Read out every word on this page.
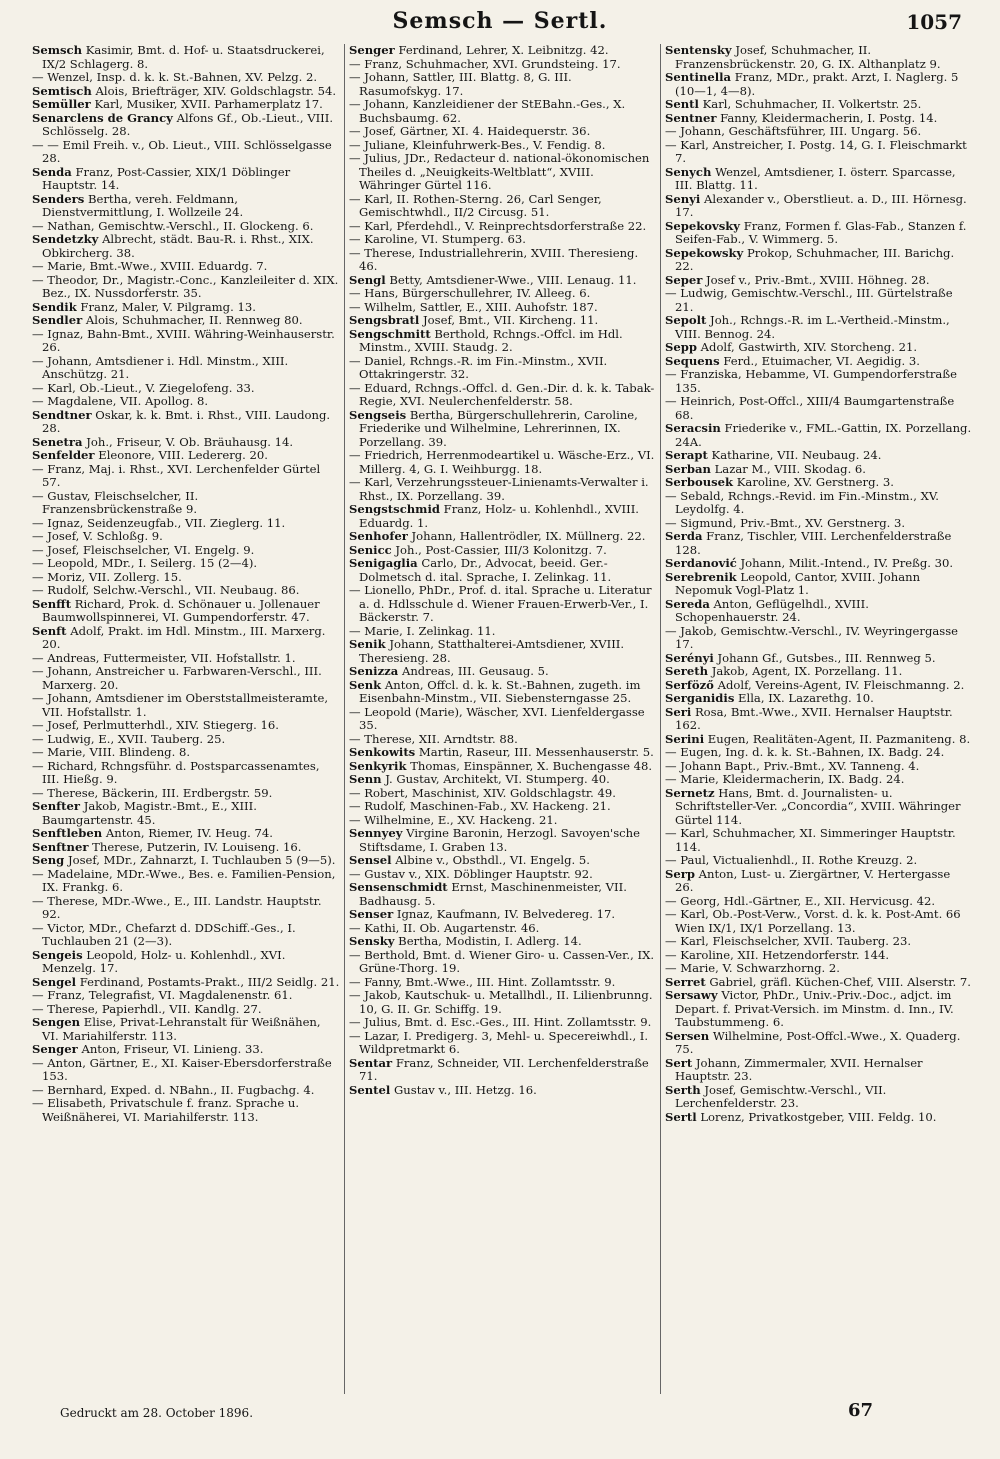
Semsch — Sertl.	1057

Semsch Kasimir, Bmt. d. Hof- u. Staatsdruckerei, IX/2 Schlagerg. 8.

— Wenzel, Insp. d. k. k. St.-Bahnen, XV. Pelzg. 2.

Semtisch Alois, Briefträger, XIV. Goldschlagstr. 54.

Semüller Karl, Musiker, XVII. Parhamerplatz 17.

Senarclens de Grancy Alfons Gf., Ob.-Lieut., VIII. Schlösselg. 28.

— — Emil Freih. v., Ob. Lieut., VIII. Schlösselgasse 28.

Senda Franz, Post-Cassier, XIX/1 Döblinger Hauptstr. 14.

Senders Bertha, vereh. Feldmann, Dienstvermittlung, I. Wollzeile 24.

— Nathan, Gemischtw.-Verschl., II. Glockeng. 6.

Sendetzky Albrecht, städt. Bau-R. i. Rhst., XIX. Obkircherg. 38.

— Marie, Bmt.-Wwe., XVIII. Eduardg. 7.

— Theodor, Dr., Magistr.-Conc., Kanzleileiter d. XIX. Bez., IX. Nussdorferstr. 35.

Sendik Franz, Maler, V. Pilgramg. 13.

Sendler Alois, Schuhmacher, II. Rennweg 80.

— Ignaz, Bahn-Bmt., XVIII. Währing-Weinhauserstr. 26.

— Johann, Amtsdiener i. Hdl. Minstm., XIII. Anschützg. 21.

— Karl, Ob.-Lieut., V. Ziegelofeng. 33.

— Magdalene, VII. Apollog. 8.

Sendtner Oskar, k. k. Bmt. i. Rhst., VIII. Laudong. 28.

Senetra Joh., Friseur, V. Ob. Bräuhausg. 14.

Senfelder Eleonore, VIII. Ledererg. 20.

— Franz, Maj. i. Rhst., XVI. Lerchenfelder Gürtel 57.

— Gustav, Fleischselcher, II. Franzensbrückenstraße 9.

— Ignaz, Seidenzeugfab., VII. Zieglerg. 11.

— Josef, V. Schloßg. 9.

— Josef, Fleischselcher, VI. Engelg. 9.

— Leopold, MDr., I. Seilerg. 15 (2—4).

— Moriz, VII. Zollerg. 15.

— Rudolf, Selchw.-Verschl., VII. Neubaug. 86.

Senfft Richard, Prok. d. Schönauer u. Jollenauer Baumwollspinnerei, VI. Gumpendorferstr. 47.

Senft Adolf, Prakt. im Hdl. Minstm., III. Marxerg. 20.

— Andreas, Futtermeister, VII. Hofstallstr. 1.

— Johann, Anstreicher u. Farbwaren-Verschl., III. Marxerg. 20.

— Johann, Amtsdiener im Oberststallmeisteramte, VII. Hofstallstr. 1.

— Josef, Perlmutterhdl., XIV. Stiegerg. 16.

— Ludwig, E., XVII. Tauberg. 25.

— Marie, VIII. Blindeng. 8.

— Richard, Rchngsführ. d. Postsparcassenamtes, III. Hießg. 9.

— Therese, Bäckerin, III. Erdbergstr. 59.

Senfter Jakob, Magistr.-Bmt., E., XIII. Baumgartenstr. 45.

Senftleben Anton, Riemer, IV. Heug. 74.

Senftner Therese, Putzerin, IV. Louiseng. 16.

Seng Josef, MDr., Zahnarzt, I. Tuchlauben 5 (9—5).

— Madelaine, MDr.-Wwe., Bes. e. Familien-Pension, IX. Frankg. 6.

— Therese, MDr.-Wwe., E., III. Landstr. Hauptstr. 92.

— Victor, MDr., Chefarzt d. DDSchiff.-Ges., I. Tuchlauben 21 (2—3).

Sengeis Leopold, Holz- u. Kohlenhdl., XVI. Menzelg. 17.

Sengel Ferdinand, Postamts-Prakt., III/2 Seidlg. 21.

— Franz, Telegrafist, VI. Magdalenenstr. 61.

— Therese, Papierhdl., VII. Kandlg. 27.

Sengen Elise, Privat-Lehranstalt für Weißnähen, VI. Mariahilferstr. 113.

Senger Anton, Friseur, VI. Linieng. 33.

— Anton, Gärtner, E., XI. Kaiser-Ebersdorferstraße 153.

— Bernhard, Exped. d. NBahn., II. Fugbachg. 4.

— Elisabeth, Privatschule f. franz. Sprache u. Weißnäherei, VI. Mariahilferstr. 113.

Senger Ferdinand, Lehrer, X. Leibnitzg. 42.

— Franz, Schuhmacher, XVI. Grundsteing. 17.

— Johann, Sattler, III. Blattg. 8, G. III. Rasumofskyg. 17.

— Johann, Kanzleidiener der StEBahn.-Ges., X. Buchsbaumg. 62.

— Josef, Gärtner, XI. 4. Haidequerstr. 36.

— Juliane, Kleinfuhrwerk-Bes., V. Fendig. 8.

— Julius, JDr., Redacteur d. national-ökonomischen Theiles d. „Neuigkeits-Weltblatt“, XVIII. Währinger Gürtel 116.

— Karl, II. Rothen-Sterng. 26, Carl Senger, Gemischtwhdl., II/2 Circusg. 51.

— Karl, Pferdehdl., V. Reinprechtsdorferstraße 22.

— Karoline, VI. Stumperg. 63.

— Therese, Industriallehrerin, XVIII. Theresieng. 46.

Sengl Betty, Amtsdiener-Wwe., VIII. Lenaug. 11.

— Hans, Bürgerschullehrer, IV. Alleeg. 6.

— Wilhelm, Sattler, E., XIII. Auhofstr. 187.

Sengsbratl Josef, Bmt., VII. Kircheng. 11.

Sengschmitt Berthold, Rchngs.-Offcl. im Hdl. Minstm., XVIII. Staudg. 2.

— Daniel, Rchngs.-R. im Fin.-Minstm., XVII. Ottakringerstr. 32.

— Eduard, Rchngs.-Offcl. d. Gen.-Dir. d. k. k. Tabak-Regie, XVI. Neulerchenfelderstr. 58.

Sengseis Bertha, Bürgerschullehrerin, Caroline, Friederike und Wilhelmine, Lehrerinnen, IX. Porzellang. 39.

— Friedrich, Herrenmodeartikel u. Wäsche-Erz., VI. Millerg. 4, G. I. Weihburgg. 18.

— Karl, Verzehrungssteuer-Linienamts-Verwalter i. Rhst., IX. Porzellang. 39.

Sengstschmid Franz, Holz- u. Kohlenhdl., XVIII. Eduardg. 1.

Senhofer Johann, Hallentrödler, IX. Müllnerg. 22.

Senicc Joh., Post-Cassier, III/3 Kolonitzg. 7.

Senigaglia Carlo, Dr., Advocat, beeid. Ger.-Dolmetsch d. ital. Sprache, I. Zelinkag. 11.

— Lionello, PhDr., Prof. d. ital. Sprache u. Literatur a. d. Hdlsschule d. Wiener Frauen-Erwerb-Ver., I. Bäckerstr. 7.

— Marie, I. Zelinkag. 11.

Senik Johann, Statthalterei-Amtsdiener, XVIII. Theresieng. 28.

Senizza Andreas, III. Geusaug. 5.

Senk Anton, Offcl. d. k. k. St.-Bahnen, zugeth. im Eisenbahn-Minstm., VII. Siebensterngasse 25.

— Leopold (Marie), Wäscher, XVI. Lienfeldergasse 35.

— Therese, XII. Arndtstr. 88.

Senkowits Martin, Raseur, III. Messenhauserstr. 5.

Senkyrik Thomas, Einspänner, X. Buchengasse 48.

Senn J. Gustav, Architekt, VI. Stumperg. 40.

— Robert, Maschinist, XIV. Goldschlagstr. 49.

— Rudolf, Maschinen-Fab., XV. Hackeng. 21.

— Wilhelmine, E., XV. Hackeng. 21.

Sennyey Virgine Baronin, Herzogl. Savoyen'sche Stiftsdame, I. Graben 13.

Sensel Albine v., Obsthdl., VI. Engelg. 5.

— Gustav v., XIX. Döblinger Hauptstr. 92.

Sensenschmidt Ernst, Maschinenmeister, VII. Badhausg. 5.

Senser Ignaz, Kaufmann, IV. Belvedereg. 17.

— Kathi, II. Ob. Augartenstr. 46.

Sensky Bertha, Modistin, I. Adlerg. 14.

— Berthold, Bmt. d. Wiener Giro- u. Cassen-Ver., IX. Grüne-Thorg. 19.

— Fanny, Bmt.-Wwe., III. Hint. Zollamtsstr. 9.

— Jakob, Kautschuk- u. Metallhdl., II. Lilienbrunng. 10, G. II. Gr. Schiffg. 19.

— Julius, Bmt. d. Esc.-Ges., III. Hint. Zollamtsstr. 9.

— Lazar, I. Predigerg. 3, Mehl- u. Specereiwhdl., I. Wildpretmarkt 6.

Sentar Franz, Schneider, VII. Lerchenfelderstraße 71.

Sentel Gustav v., III. Hetzg. 16.

Sentensky Josef, Schuhmacher, II. Franzensbrückenstr. 20, G. IX. Althanplatz 9.

Sentinella Franz, MDr., prakt. Arzt, I. Naglerg. 5 (10—1, 4—8).

Sentl Karl, Schuhmacher, II. Volkertstr. 25.

Sentner Fanny, Kleidermacherin, I. Postg. 14.

— Johann, Geschäftsführer, III. Ungarg. 56.

— Karl, Anstreicher, I. Postg. 14, G. I. Fleischmarkt 7.

Senych Wenzel, Amtsdiener, I. österr. Sparcasse, III. Blattg. 11.

Senyi Alexander v., Oberstlieut. a. D., III. Hörnesg. 17.

Sepekovsky Franz, Formen f. Glas-Fab., Stanzen f. Seifen-Fab., V. Wimmerg. 5.

Sepekowsky Prokop, Schuhmacher, III. Barichg. 22.

Seper Josef v., Priv.-Bmt., XVIII. Höhneg. 28.

— Ludwig, Gemischtw.-Verschl., III. Gürtelstraße 21.

Sepolt Joh., Rchngs.-R. im L.-Vertheid.-Minstm., VIII. Bennog. 24.

Sepp Adolf, Gastwirth, XIV. Storcheng. 21.

Sequens Ferd., Etuimacher, VI. Aegidig. 3.

— Franziska, Hebamme, VI. Gumpendorferstraße 135.

— Heinrich, Post-Offcl., XIII/4 Baumgartenstraße 68.

Seracsin Friederike v., FML.-Gattin, IX. Porzellang. 24A.

Serapt Katharine, VII. Neubaug. 24.

Serban Lazar M., VIII. Skodag. 6.

Serbousek Karoline, XV. Gerstnerg. 3.

— Sebald, Rchngs.-Revid. im Fin.-Minstm., XV. Leydolfg. 4.

— Sigmund, Priv.-Bmt., XV. Gerstnerg. 3.

Serda Franz, Tischler, VIII. Lerchenfelderstraße 128.

Serdanović Johann, Milit.-Intend., IV. Preßg. 30.

Serebrenik Leopold, Cantor, XVIII. Johann Nepomuk Vogl-Platz 1.

Sereda Anton, Geflügelhdl., XVIII. Schopenhauerstr. 24.

— Jakob, Gemischtw.-Verschl., IV. Weyringergasse 17.

Serényi Johann Gf., Gutsbes., III. Rennweg 5.

Sereth Jakob, Agent, IX. Porzellang. 11.

Serföző Adolf, Vereins-Agent, IV. Fleischmanng. 2.

Serganidis Ella, IX. Lazarethg. 10.

Seri Rosa, Bmt.-Wwe., XVII. Hernalser Hauptstr. 162.

Serini Eugen, Realitäten-Agent, II. Pazmaniteng. 8.

— Eugen, Ing. d. k. k. St.-Bahnen, IX. Badg. 24.

— Johann Bapt., Priv.-Bmt., XV. Tanneng. 4.

— Marie, Kleidermacherin, IX. Badg. 24.

Sernetz Hans, Bmt. d. Journalisten- u. Schriftsteller-Ver. „Concordia“, XVIII. Währinger Gürtel 114.

— Karl, Schuhmacher, XI. Simmeringer Hauptstr. 114.

— Paul, Victualienhdl., II. Rothe Kreuzg. 2.

Serp Anton, Lust- u. Ziergärtner, V. Hertergasse 26.

— Georg, Hdl.-Gärtner, E., XII. Hervicusg. 42.

— Karl, Ob.-Post-Verw., Vorst. d. k. k. Post-Amt. 66 Wien IX/1, IX/1 Porzellang. 13.

— Karl, Fleischselcher, XVII. Tauberg. 23.

— Karoline, XII. Hetzendorferstr. 144.

— Marie, V. Schwarzhorng. 2.

Serret Gabriel, gräfl. Küchen-Chef, VIII. Alserstr. 7.

Sersawy Victor, PhDr., Univ.-Priv.-Doc., adjct. im Depart. f. Privat-Versich. im Minstm. d. Inn., IV. Taubstummeng. 6.

Sersen Wilhelmine, Post-Offcl.-Wwe., X. Quaderg. 75.

Sert Johann, Zimmermaler, XVII. Hernalser Hauptstr. 23.

Serth Josef, Gemischtw.-Verschl., VII. Lerchenfelderstr. 23.

Sertl Lorenz, Privatkostgeber, VIII. Feldg. 10.

Gedruckt am 28. October 1896.	67
